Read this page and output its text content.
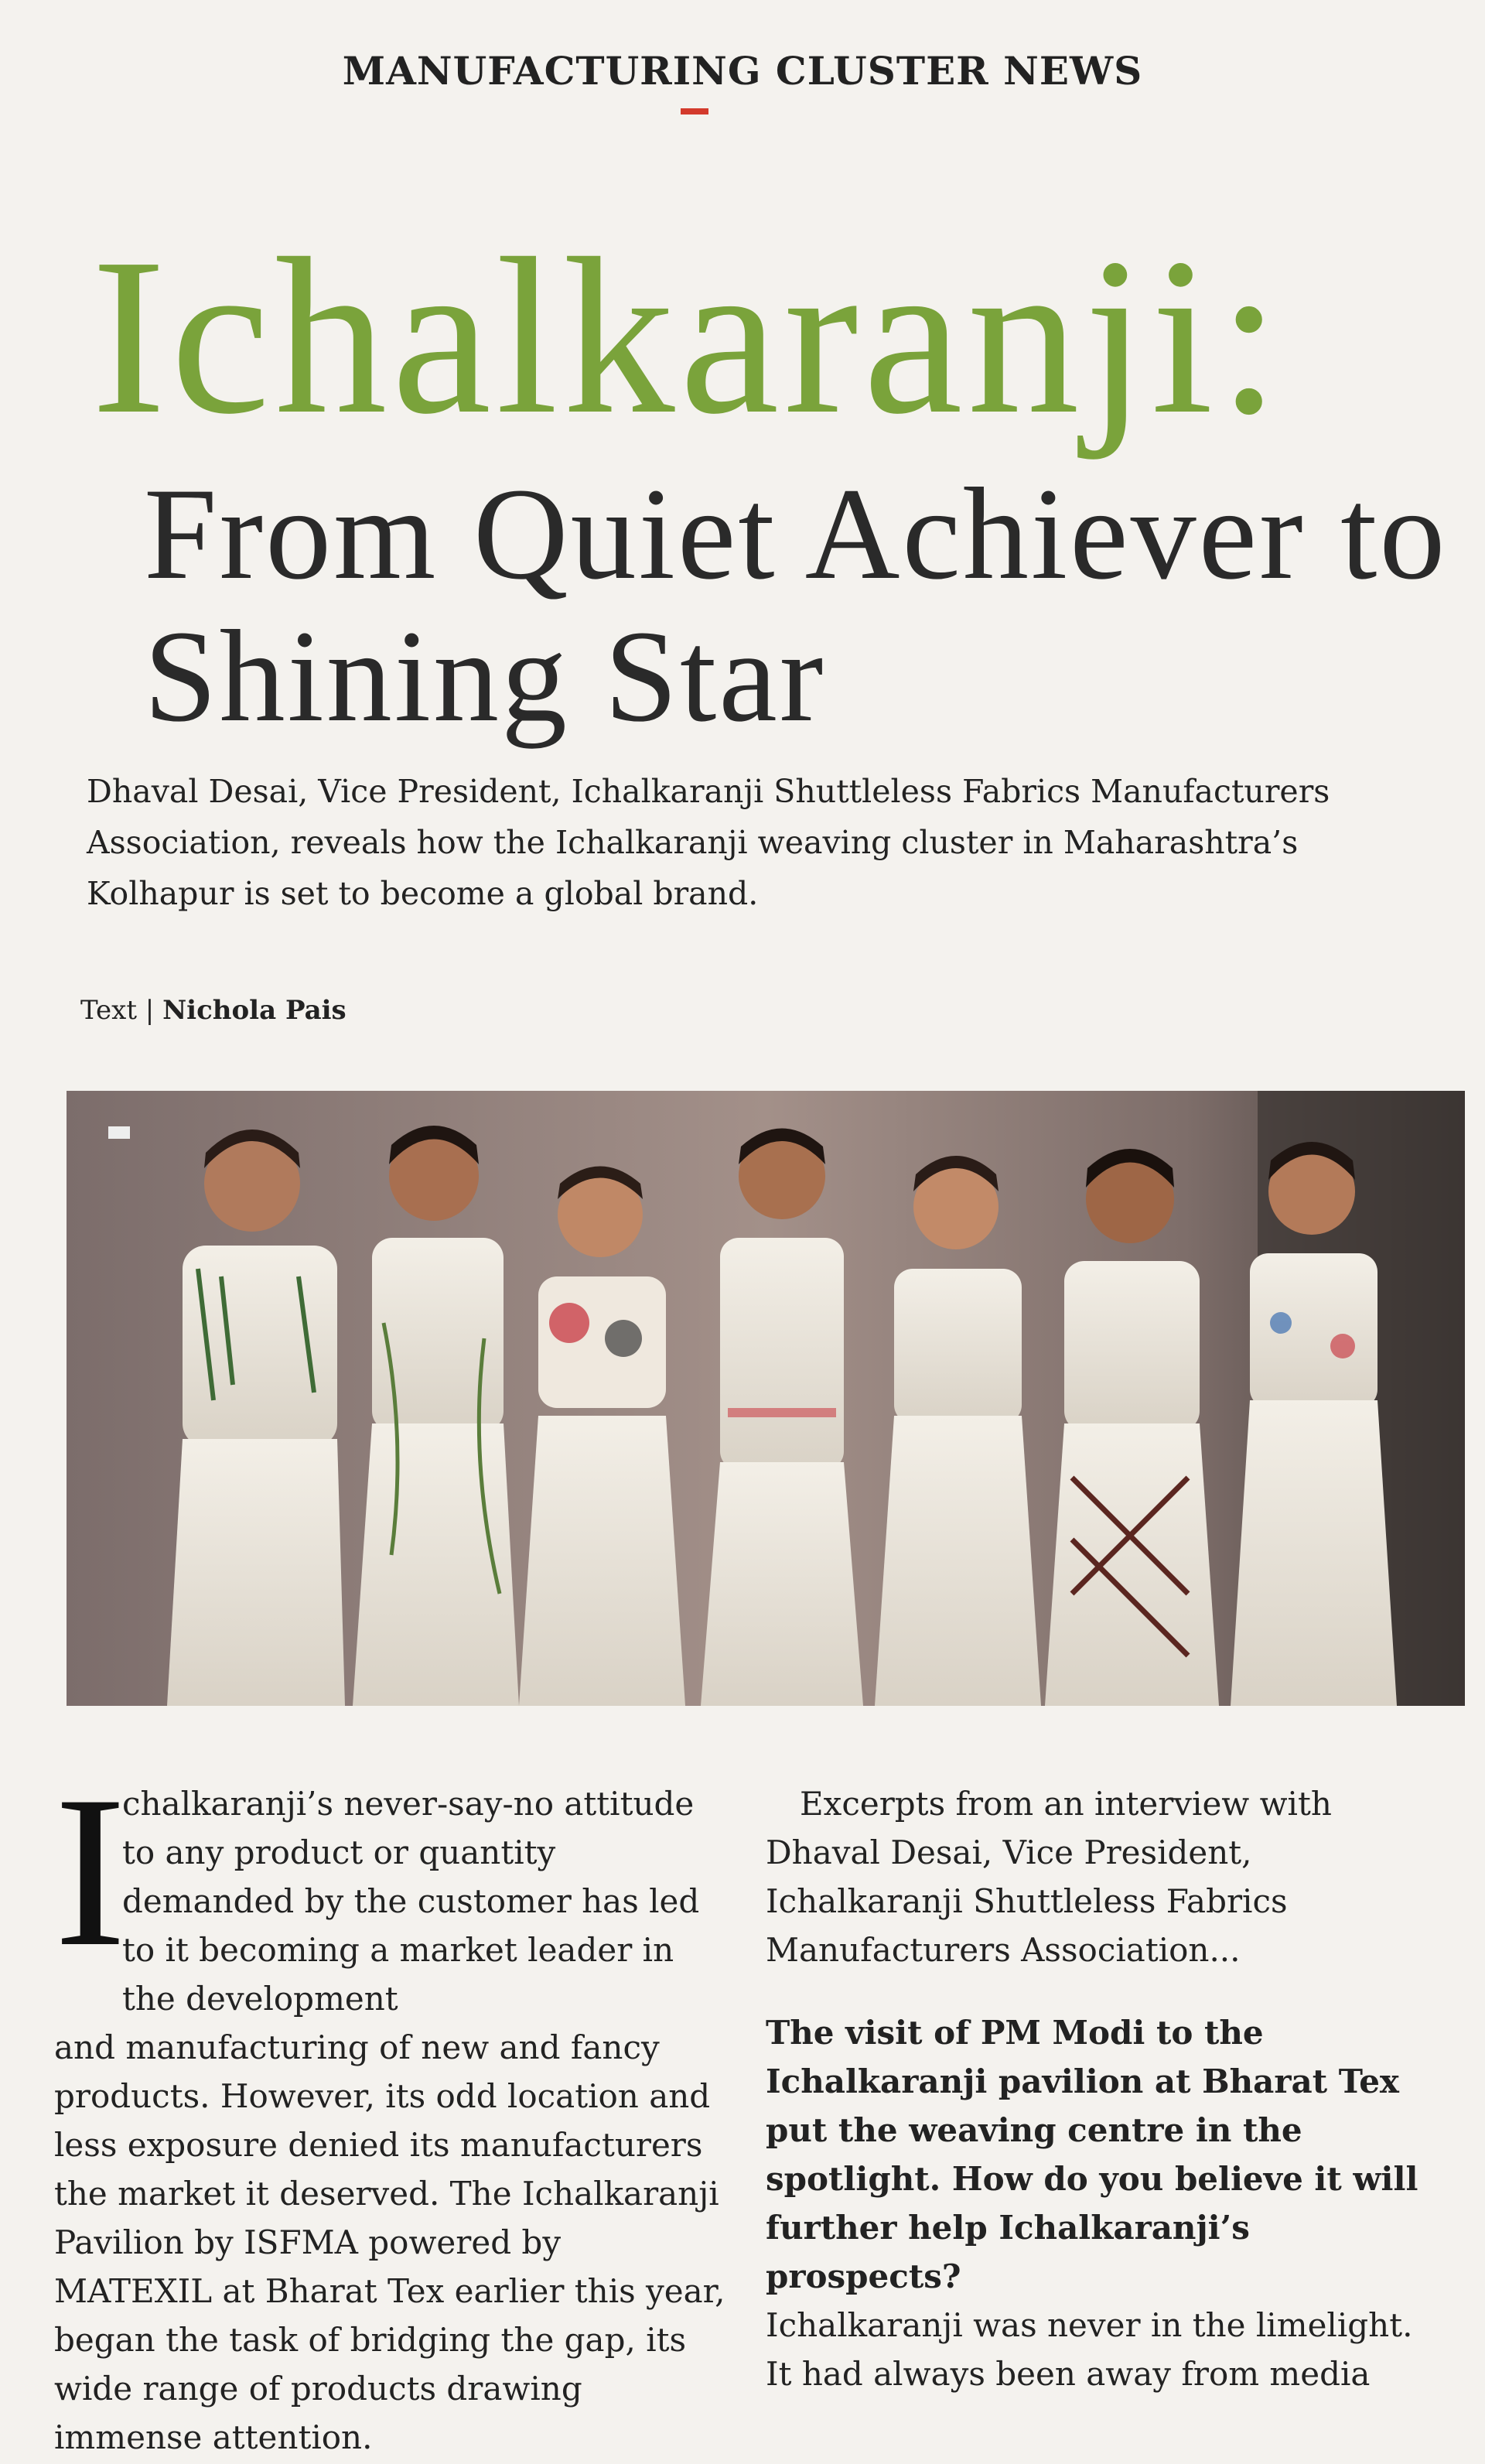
MANUFACTURING CLUSTER NEWS
Ichalkaranji:
From Quiet Achiever to Shining Star
Dhaval Desai, Vice President, Ichalkaranji Shuttleless Fabrics Manufacturers Association, reveals how the Ichalkaranji weaving cluster in Maharashtra’s Kolhapur is set to become a global brand.
Text | Nichola Pais
I

chalkaranji’s never-say-no attitude to any product or quantity demanded by the customer has led to it becoming a market leader in the development

and manufacturing of new and fancy products. However, its odd location and less exposure denied its manufacturers the market it deserved. The Ichalkaranji Pavilion by ISFMA powered by MATEXIL at Bharat Tex earlier this year, began the task of bridging the gap, its wide range of products drawing immense attention.

Excerpts from an interview with Dhaval Desai, Vice President, Ichalkaranji Shuttleless Fabrics Manufacturers Association...

The visit of PM Modi to the Ichalkaranji pavilion at Bharat Tex put the weaving centre in the spotlight. How do you believe it will further help Ichalkaranji’s prospects?

Ichalkaranji was never in the limelight. It had always been away from media
